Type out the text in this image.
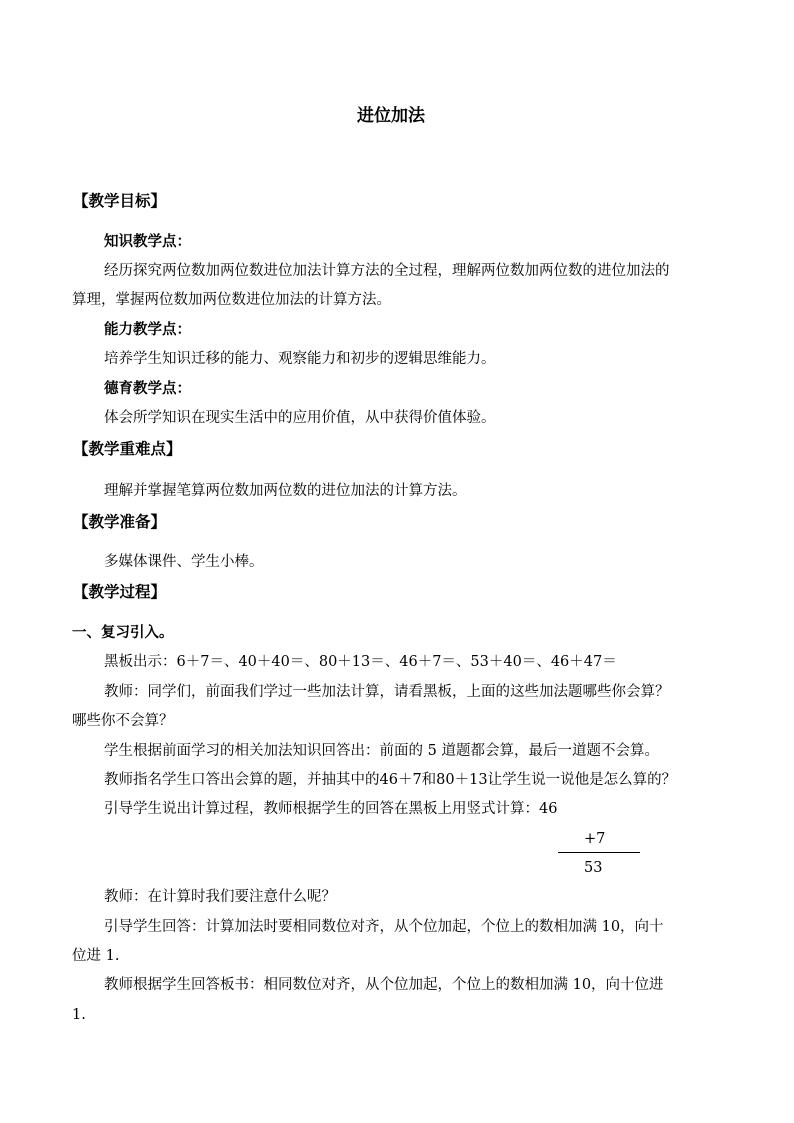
进位加法
【教学目标】
知识教学点：
经历探究两位数加两位数进位加法计算方法的全过程，理解两位数加两位数的进位加法的
算理，掌握两位数加两位数进位加法的计算方法。
能力教学点：
培养学生知识迁移的能力、观察能力和初步的逻辑思维能力。
德育教学点：
体会所学知识在现实生活中的应用价值，从中获得价值体验。
【教学重难点】
理解并掌握笔算两位数加两位数的进位加法的计算方法。
【教学准备】
多媒体课件、学生小棒。
【教学过程】
一、复习引入。
黑板出示：6＋7＝、40＋40＝、80＋13＝、46＋7＝、53＋40＝、46＋47＝
教师：同学们，前面我们学过一些加法计算，请看黑板，上面的这些加法题哪些你会算？
哪些你不会算？
学生根据前面学习的相关加法知识回答出：前面的 5 道题都会算，最后一道题不会算。
教师指名学生口答出会算的题，并抽其中的46＋7和80＋13让学生说一说他是怎么算的？
引导学生说出计算过程，教师根据学生的回答在黑板上用竖式计算：46
+7
53
教师：在计算时我们要注意什么呢？
引导学生回答：计算加法时要相同数位对齐，从个位加起，个位上的数相加满 10，向十
位进 1.
教师根据学生回答板书：相同数位对齐，从个位加起，个位上的数相加满 10，向十位进
1.
